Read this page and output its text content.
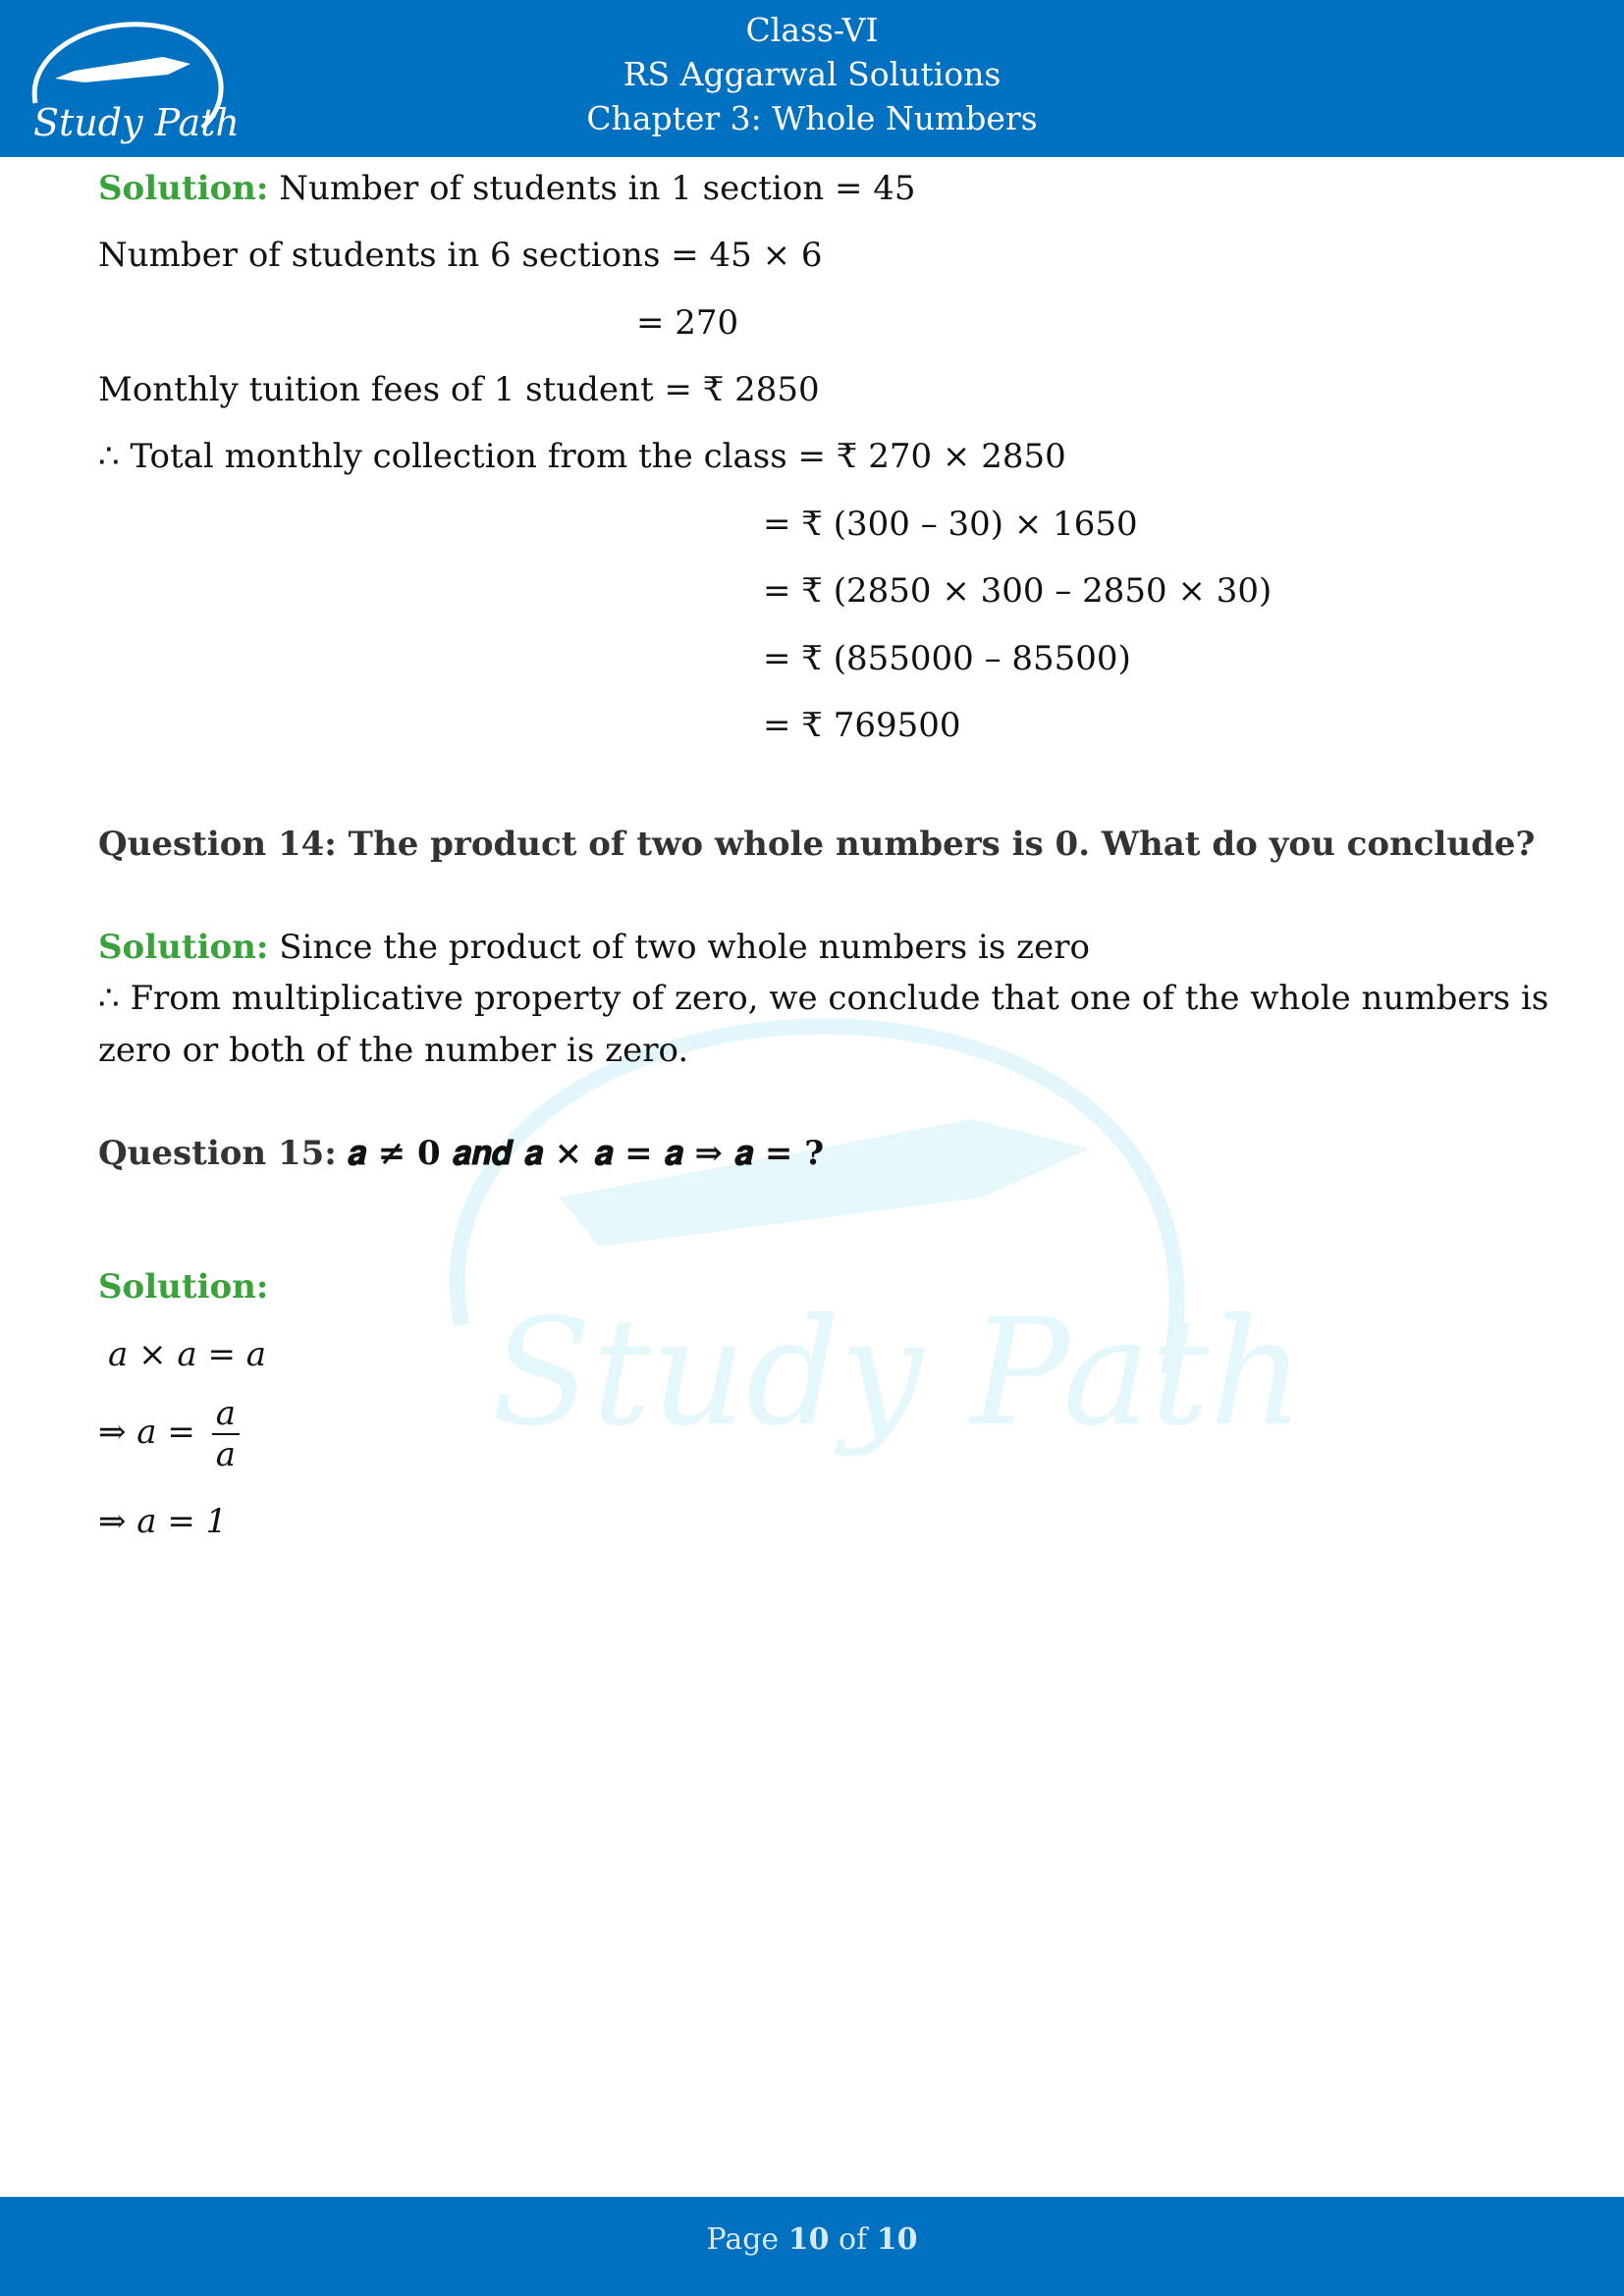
Study Path
Class-VI
RS Aggarwal Solutions
Chapter 3: Whole Numbers
Study Path
Solution: Number of students in 1 section = 45
Number of students in 6 sections = 45 × 6
= 270
Monthly tuition fees of 1 student = ₹ 2850
∴ Total monthly collection from the class = ₹ 270 × 2850
= ₹ (300 – 30) × 1650
= ₹ (2850 × 300 – 2850 × 30)
= ₹ (855000 – 85500)
= ₹ 769500
Question 14: The product of two whole numbers is 0. What do you conclude?
Solution: Since the product of two whole numbers is zero
∴ From multiplicative property of zero, we conclude that one of the whole numbers is
zero or both of the number is zero.
Question 15: 𝒂 ≠ 𝟎 𝒂𝒏𝒅 𝒂 × 𝒂 = 𝒂 ⇒ 𝒂 = ?
Solution:
a × a = a
⇒ $a = \frac{a}{a}$
⇒ a = 1
Page 10 of 10
